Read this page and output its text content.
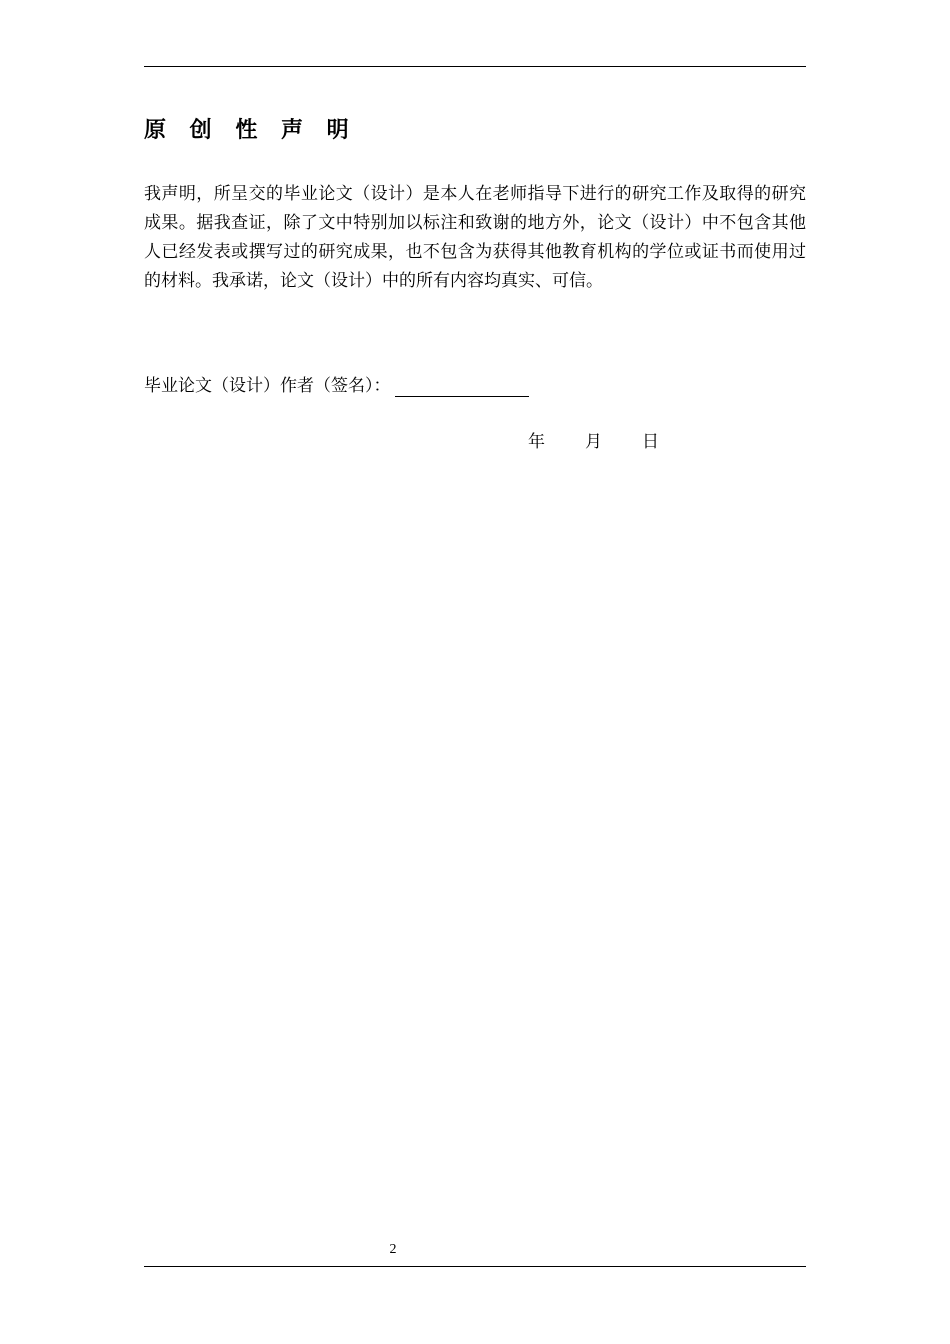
原 创 性 声 明

我声明，所呈交的毕业论文（设计）是本人在老师指导下进行的研究工作及取得的研究成果。据我查证，除了文中特别加以标注和致谢的地方外，论文（设计）中不包含其他人已经发表或撰写过的研究成果，也不包含为获得其他教育机构的学位或证书而使用过的材料。我承诺，论文（设计）中的所有内容均真实、可信。

毕业论文（设计）作者（签名）：
年 月 日
2
